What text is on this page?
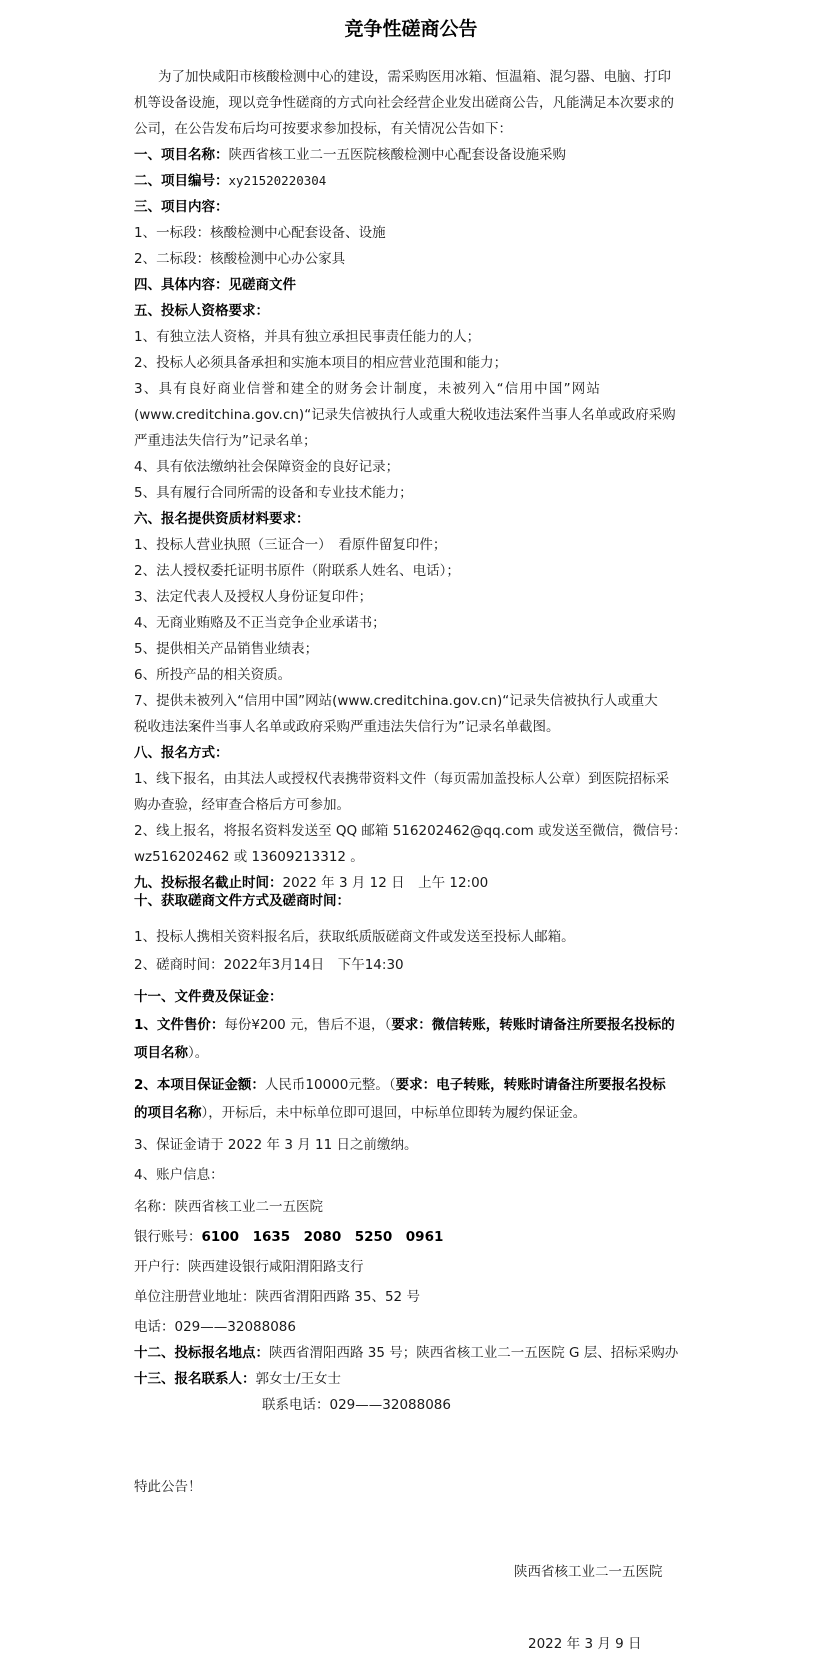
竞争性磋商公告
为了加快咸阳市核酸检测中心的建设，需采购医用冰箱、恒温箱、混匀器、电脑、打印
机等设备设施，现以竞争性磋商的方式向社会经营企业发出磋商公告，凡能满足本次要求的
公司，在公告发布后均可按要求参加投标，有关情况公告如下：
一、项目名称：陕西省核工业二一五医院核酸检测中心配套设备设施采购
二、项目编号：xy21520220304
三、项目内容：
1、一标段：核酸检测中心配套设备、设施
2、二标段：核酸检测中心办公家具
四、具体内容：见磋商文件
五、投标人资格要求：
1、有独立法人资格，并具有独立承担民事责任能力的人；
2、投标人必须具备承担和实施本项目的相应营业范围和能力；
3、具有良好商业信誉和建全的财务会计制度，未被列入“信用中国”网站
(www.creditchina.gov.cn)“记录失信被执行人或重大税收违法案件当事人名单或政府采购
严重违法失信行为”记录名单；
4、具有依法缴纳社会保障资金的良好记录；
5、具有履行合同所需的设备和专业技术能力；
六、报名提供资质材料要求：
1、投标人营业执照（三证合一）　看原件留复印件；
2、法人授权委托证明书原件（附联系人姓名、电话）；
3、法定代表人及授权人身份证复印件；
4、无商业贿赂及不正当竞争企业承诺书；
5、提供相关产品销售业绩表；
6、所投产品的相关资质。
7、提供未被列入“信用中国”网站(www.creditchina.gov.cn)“记录失信被执行人或重大
税收违法案件当事人名单或政府采购严重违法失信行为”记录名单截图。
八、报名方式：
1、线下报名，由其法人或授权代表携带资料文件（每页需加盖投标人公章）到医院招标采
购办查验，经审查合格后方可参加。
2、线上报名，将报名资料发送至 QQ 邮箱 516202462@qq.com 或发送至微信，微信号：
wz516202462 或 13609213312 。
九、投标报名截止时间：2022 年 3 月 12 日　上午 12:00
十、获取磋商文件方式及磋商时间：
1、投标人携相关资料报名后，获取纸质版磋商文件或发送至投标人邮箱。
2、磋商时间：2022年3月14日　下午14:30
十一、文件费及保证金：
1、文件售价：每份¥200 元，售后不退，（要求：微信转账，转账时请备注所要报名投标的
项目名称）。
2、本项目保证金额：人民币10000元整。（要求：电子转账，转账时请备注所要报名投标
的项目名称），开标后，未中标单位即可退回，中标单位即转为履约保证金。
3、保证金请于 2022 年 3 月 11 日之前缴纳。
4、账户信息：
名称：陕西省核工业二一五医院
银行账号：6100　1635　2080　5250　0961
开户行：陕西建设银行咸阳渭阳路支行
单位注册营业地址：陕西省渭阳西路 35、52 号
电话：029——32088086
十二、投标报名地点：陕西省渭阳西路 35 号；陕西省核工业二一五医院 G 层、招标采购办
十三、报名联系人：郭女士/王女士
联系电话：029——32088086
特此公告！
陕西省核工业二一五医院
2022 年 3 月 9 日
